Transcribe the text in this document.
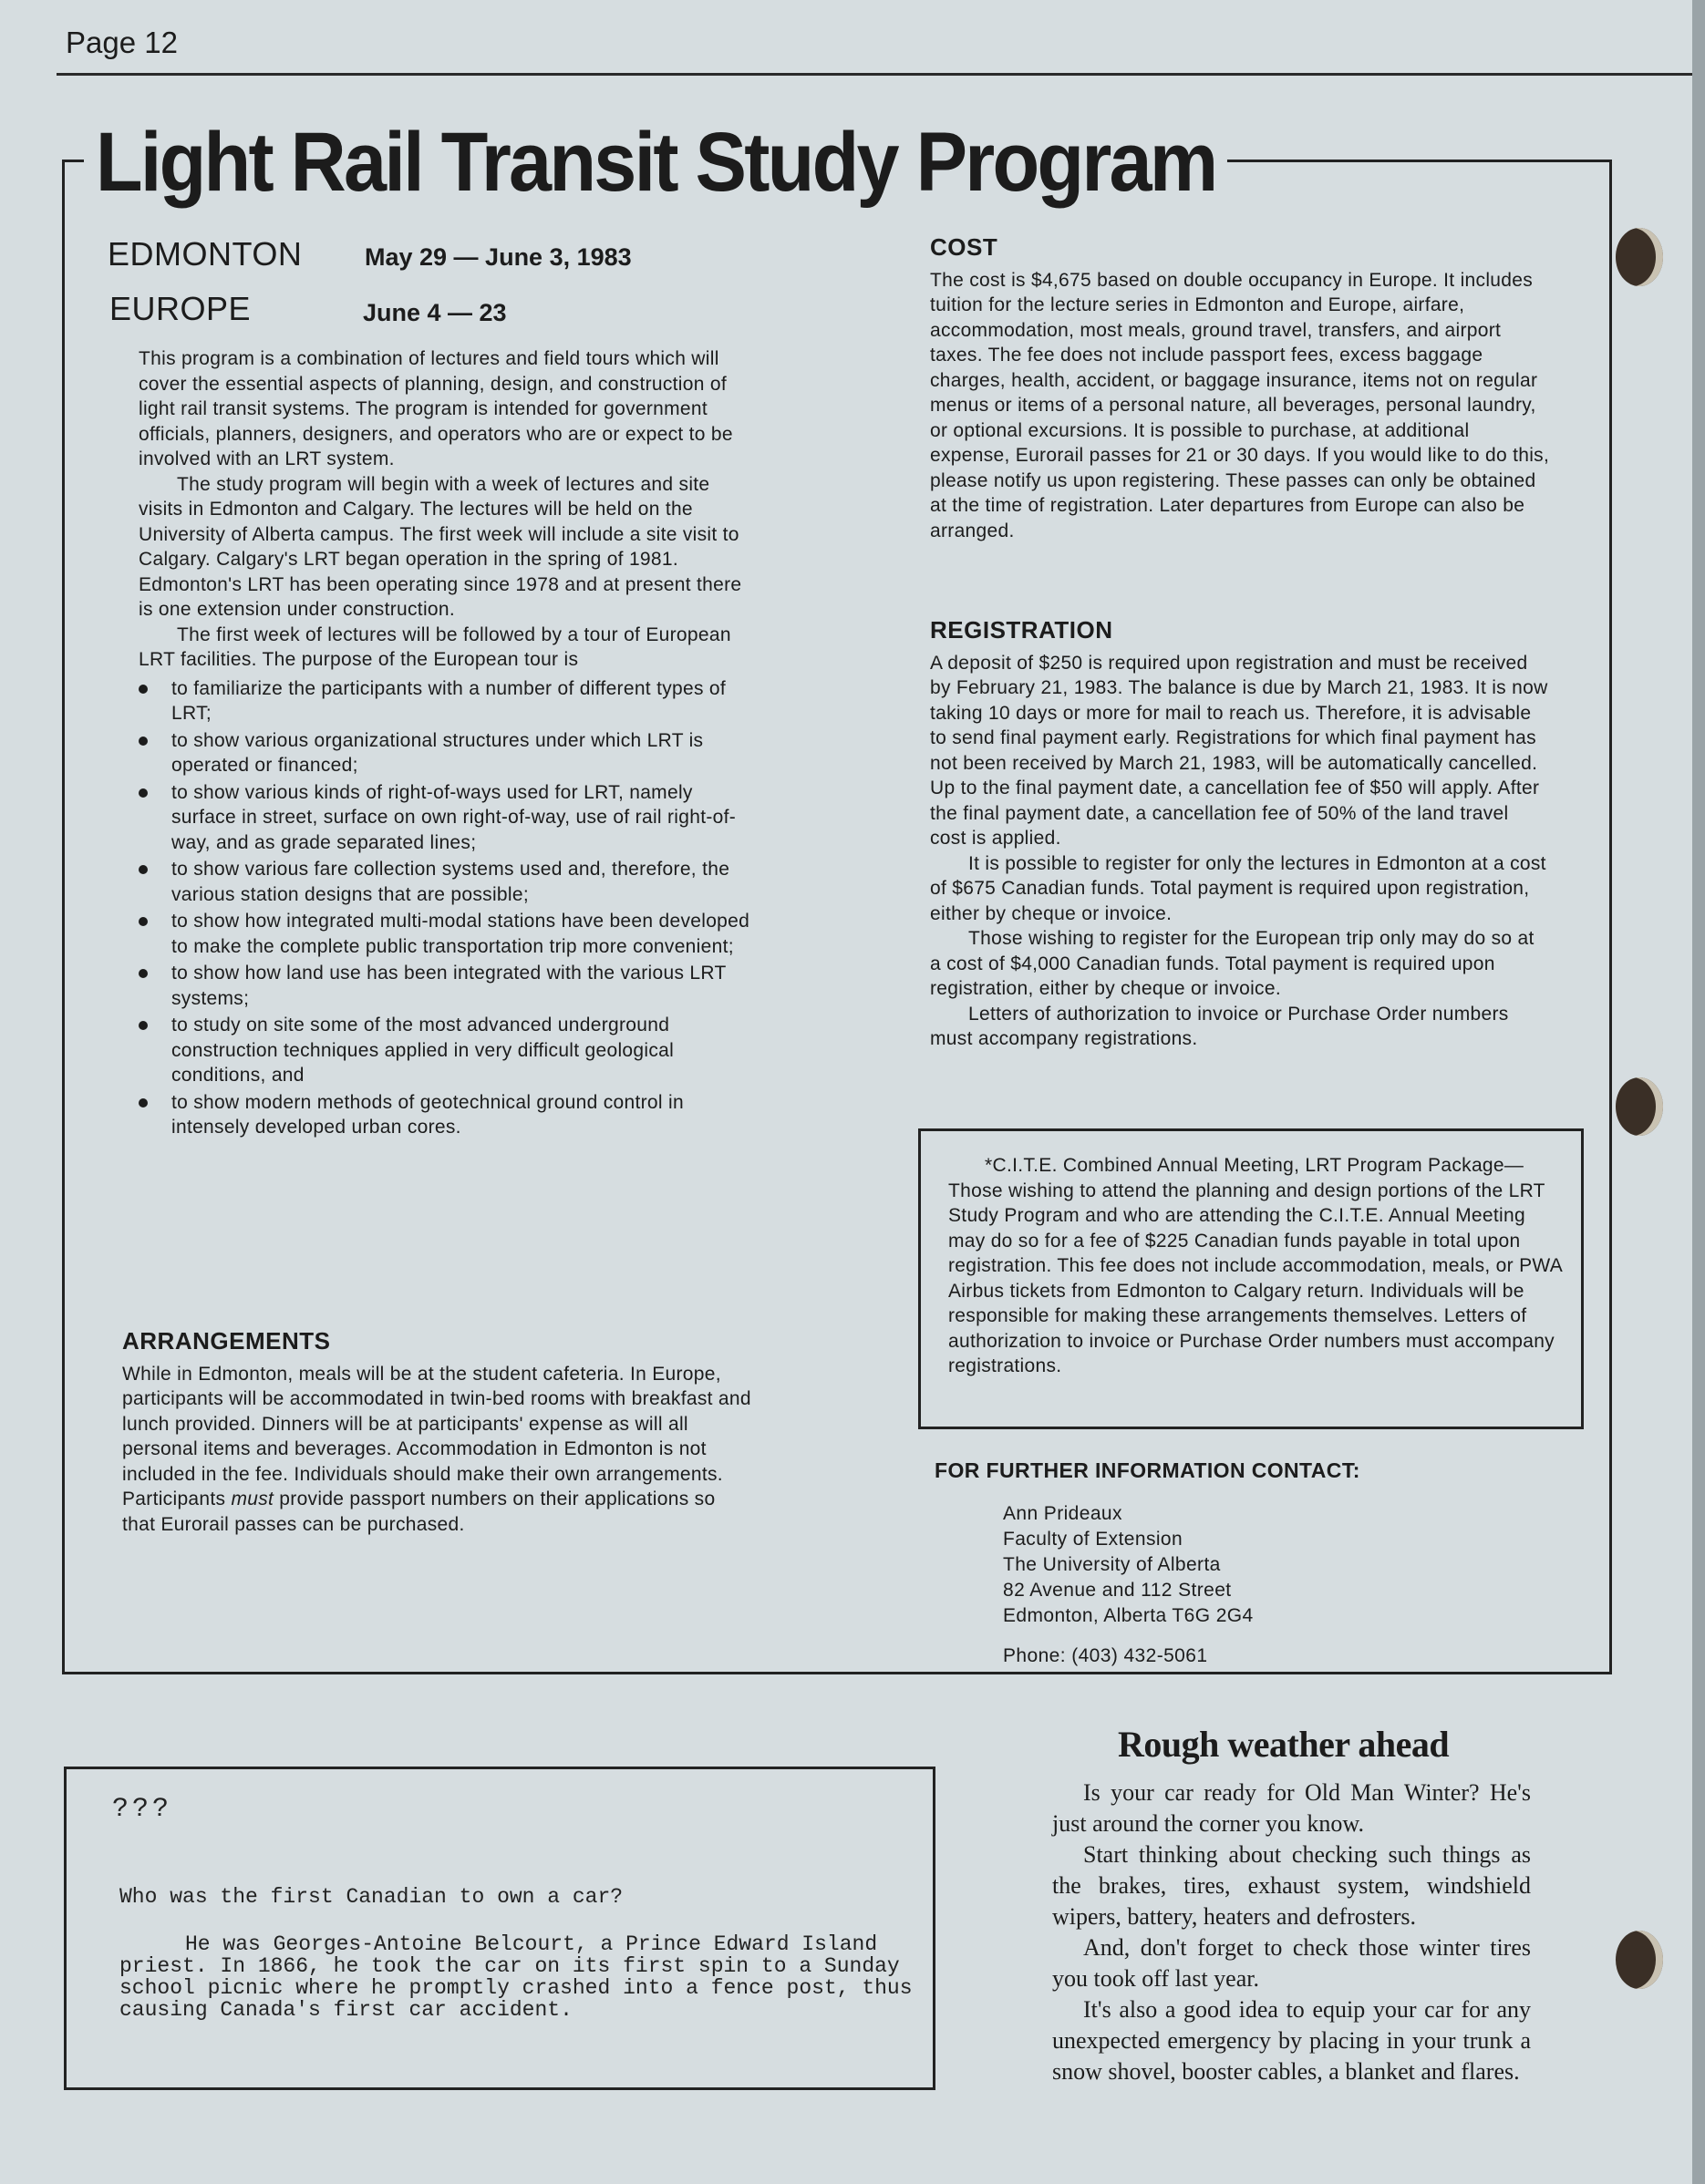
Page 12
Light Rail Transit Study Program
EDMONTON	May 29 — June 3, 1983
EUROPE	June 4 — 23

This program is a combination of lectures and field tours which will cover the essential aspects of planning, design, and construction of light rail transit systems. The program is intended for government officials, planners, designers, and operators who are or expect to be involved with an LRT system.

The study program will begin with a week of lectures and site visits in Edmonton and Calgary. The lectures will be held on the University of Alberta campus. The first week will include a site visit to Calgary. Calgary's LRT began operation in the spring of 1981. Edmonton's LRT has been operating since 1978 and at present there is one extension under construction.

The first week of lectures will be followed by a tour of European LRT facilities. The purpose of the European tour is

to familiarize the participants with a number of different types of LRT;
to show various organizational structures under which LRT is operated or financed;
to show various kinds of right-of-ways used for LRT, namely surface in street, surface on own right-of-way, use of rail right-of-way, and as grade separated lines;
to show various fare collection systems used and, therefore, the various station designs that are possible;
to show how integrated multi-modal stations have been developed to make the complete public transportation trip more convenient;
to show how land use has been integrated with the various LRT systems;
to study on site some of the most advanced underground construction techniques applied in very difficult geological conditions, and
to show modern methods of geotechnical ground control in intensely developed urban cores.
ARRANGEMENTS

While in Edmonton, meals will be at the student cafeteria. In Europe, participants will be accommodated in twin-bed rooms with breakfast and lunch provided. Dinners will be at participants' expense as will all personal items and beverages. Accommodation in Edmonton is not included in the fee. Individuals should make their own arrangements. Participants must provide passport numbers on their applications so that Eurorail passes can be purchased.

COST

The cost is $4,675 based on double occupancy in Europe. It includes tuition for the lecture series in Edmonton and Europe, airfare, accommodation, most meals, ground travel, transfers, and airport taxes. The fee does not include passport fees, excess baggage charges, health, accident, or baggage insurance, items not on regular menus or items of a personal nature, all beverages, personal laundry, or optional excursions. It is possible to purchase, at additional expense, Eurorail passes for 21 or 30 days. If you would like to do this, please notify us upon registering. These passes can only be obtained at the time of registration. Later departures from Europe can also be arranged.

REGISTRATION

A deposit of $250 is required upon registration and must be received by February 21, 1983. The balance is due by March 21, 1983. It is now taking 10 days or more for mail to reach us. Therefore, it is advisable to send final payment early. Registrations for which final payment has not been received by March 21, 1983, will be automatically cancelled. Up to the final payment date, a cancellation fee of $50 will apply. After the final payment date, a cancellation fee of 50% of the land travel cost is applied.

It is possible to register for only the lectures in Edmonton at a cost of $675 Canadian funds. Total payment is required upon registration, either by cheque or invoice.

Those wishing to register for the European trip only may do so at a cost of $4,000 Canadian funds. Total payment is required upon registration, either by cheque or invoice.

Letters of authorization to invoice or Purchase Order numbers must accompany registrations.

*C.I.T.E. Combined Annual Meeting, LRT Program Package—Those wishing to attend the planning and design portions of the LRT Study Program and who are attending the C.I.T.E. Annual Meeting may do so for a fee of $225 Canadian funds payable in total upon registration. This fee does not include accommodation, meals, or PWA Airbus tickets from Edmonton to Calgary return. Individuals will be responsible for making these arrangements themselves. Letters of authorization to invoice or Purchase Order numbers must accompany registrations.

FOR FURTHER INFORMATION CONTACT:
Ann Prideaux
Faculty of Extension
The University of Alberta
82 Avenue and 112 Street
Edmonton, Alberta T6G 2G4
Phone: (403) 432-5061
???
Who was the first Canadian to own a car?

He was Georges-Antoine Belcourt, a Prince Edward Island priest. In 1866, he took the car on its first spin to a Sunday school picnic where he promptly crashed into a fence post, thus causing Canada's first car accident.

Rough weather ahead

Is your car ready for Old Man Winter? He's just around the corner you know.

Start thinking about checking such things as the brakes, tires, exhaust system, windshield wipers, battery, heaters and defrosters.

And, don't forget to check those winter tires you took off last year.

It's also a good idea to equip your car for any unexpected emergency by placing in your trunk a snow shovel, booster cables, a blanket and flares.
